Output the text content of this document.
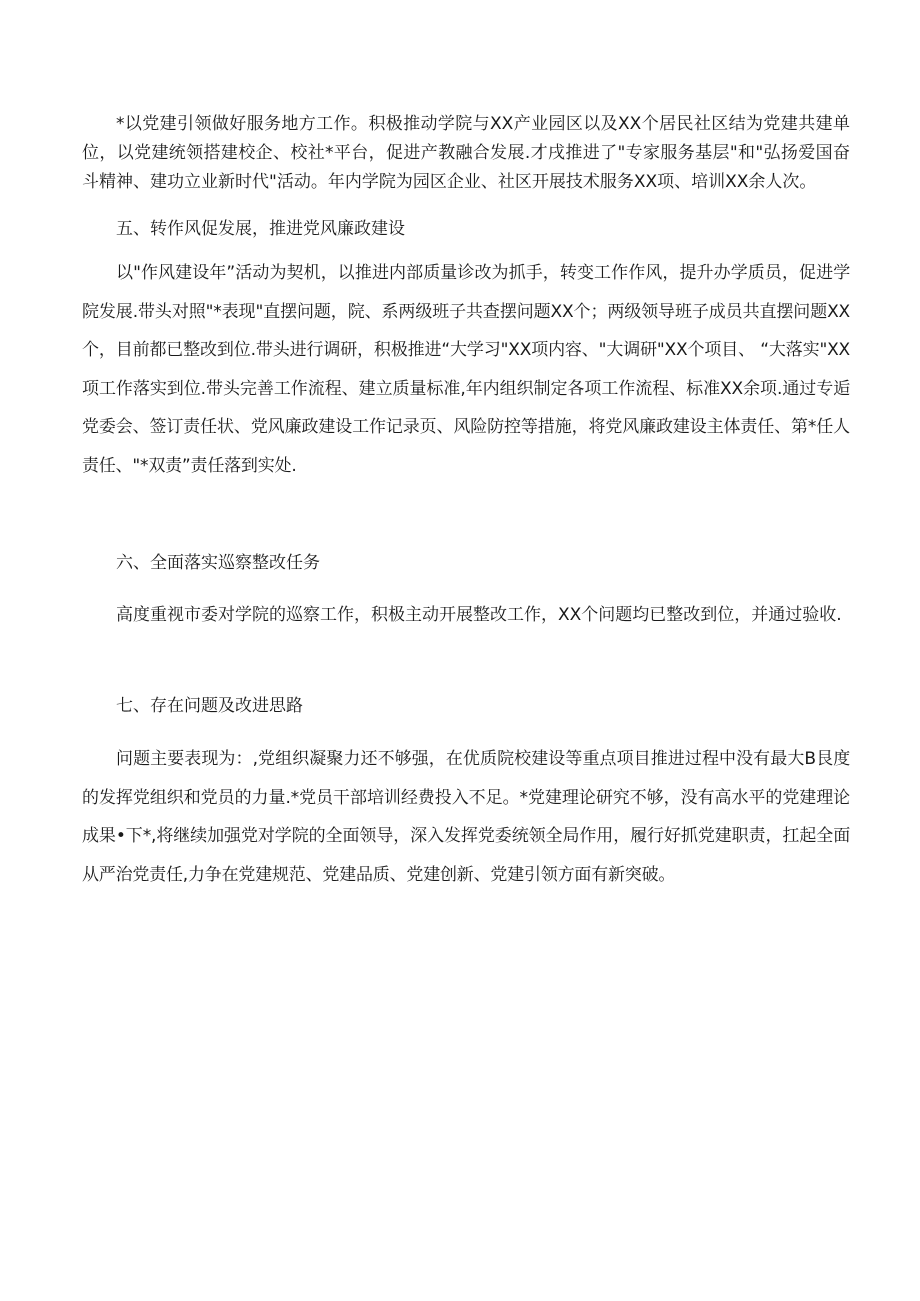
*以党建引领做好服务地方工作。积极推动学院与XX产业园区以及XX个居民社区结为党建共建单位，以党建统领搭建校企、校社*平台，促进产教融合发展.才戌推进了"专家服务基层"和"弘扬爱国奋斗精神、建功立业新时代"活动。年内学院为园区企业、社区开展技术服务XX项、培训XX余人次。

五、转作风促发展，推进党风廉政建设

以"作风建设年”活动为契机，以推进内部质量诊改为抓手，转变工作作风，提升办学质员，促进学院发展.带头对照"*表现"直摆问题，院、系两级班子共查摆问题XX个；两级领导班子成员共直摆问题XX个，目前都已整改到位.带头进行调研，积极推进“大学习"XX项内容、"大调研"XX个项目、 “大落实"XX项工作落实到位.带头完善工作流程、建立质量标准,年内组织制定各项工作流程、标准XX余项.通过专逅党委会、签订责任状、党风廉政建设工作记录页、风险防控等措施，将党风廉政建设主体责任、第*任人责任、"*双责”责任落到实处.

六、全面落实巡察整改任务

高度重视市委对学院的巡察工作，积极主动开展整改工作，XX个问题均已整改到位，并通过验收.

七、存在问题及改进思路

问题主要表现为：,党组织凝聚力还不够强，在优质院校建设等重点项目推进过程中没有最大B艮度的发挥党组织和党员的力量.*党员干部培训经费投入不足。*党建理论研究不够，没有高水平的党建理论成果•下*,将继续加强党对学院的全面领导，深入发挥党委统领全局作用，履行好抓党建职责，扛起全面从严治党责任,力争在党建规范、党建品质、党建创新、党建引领方面有新突破。
